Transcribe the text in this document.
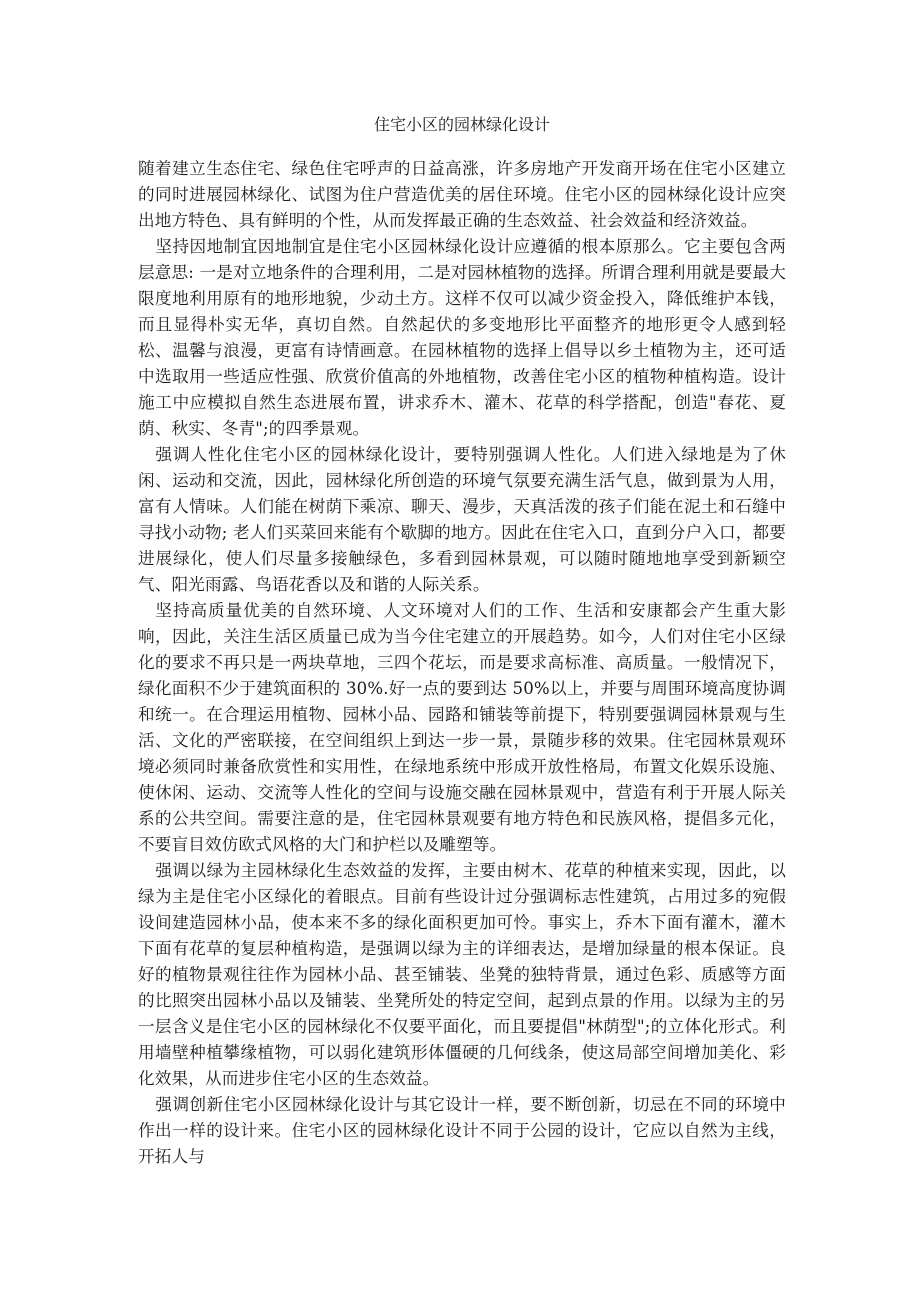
住宅小区的园林绿化设计

随着建立生态住宅、绿色住宅呼声的日益高涨，许多房地产开发商开场在住宅小区建立的同时进展园林绿化、试图为住户营造优美的居住环境。住宅小区的园林绿化设计应突出地方特色、具有鲜明的个性，从而发挥最正确的生态效益、社会效益和经济效益。

坚持因地制宜因地制宜是住宅小区园林绿化设计应遵循的根本原那么。它主要包含两层意思: 一是对立地条件的合理利用，二是对园林植物的选择。所谓合理利用就是要最大限度地利用原有的地形地貌，少动土方。这样不仅可以减少资金投入，降低维护本钱，而且显得朴实无华，真切自然。自然起伏的多变地形比平面整齐的地形更令人感到轻松、温馨与浪漫，更富有诗情画意。在园林植物的选择上倡导以乡土植物为主，还可适中选取用一些适应性强、欣赏价值高的外地植物，改善住宅小区的植物种植构造。设计施工中应模拟自然生态进展布置，讲求乔木、灌木、花草的科学搭配，创造"春花、夏荫、秋实、冬青";的四季景观。

强调人性化住宅小区的园林绿化设计，要特别强调人性化。人们进入绿地是为了休闲、运动和交流，因此，园林绿化所创造的环境气氛要充满生活气息，做到景为人用，富有人情味。人们能在树荫下乘凉、聊天、漫步，天真活泼的孩子们能在泥土和石缝中寻找小动物; 老人们买菜回来能有个歇脚的地方。因此在住宅入口，直到分户入口，都要进展绿化，使人们尽量多接触绿色，多看到园林景观，可以随时随地地享受到新颖空气、阳光雨露、鸟语花香以及和谐的人际关系。

坚持高质量优美的自然环境、人文环境对人们的工作、生活和安康都会产生重大影响，因此，关注生活区质量已成为当今住宅建立的开展趋势。如今，人们对住宅小区绿化的要求不再只是一两块草地，三四个花坛，而是要求高标准、高质量。一般情况下，绿化面积不少于建筑面积的 30%.好一点的要到达 50%以上，并要与周围环境高度协调和统一。在合理运用植物、园林小品、园路和铺装等前提下，特别要强调园林景观与生活、文化的严密联接，在空间组织上到达一步一景，景随步移的效果。住宅园林景观环境必须同时兼备欣赏性和实用性，在绿地系统中形成开放性格局，布置文化娱乐设施、使休闲、运动、交流等人性化的空间与设施交融在园林景观中，营造有利于开展人际关系的公共空间。需要注意的是，住宅园林景观要有地方特色和民族风格，提倡多元化，不要盲目效仿欧式风格的大门和护栏以及雕塑等。

强调以绿为主园林绿化生态效益的发挥，主要由树木、花草的种植来实现，因此，以绿为主是住宅小区绿化的着眼点。目前有些设计过分强调标志性建筑，占用过多的宛假设间建造园林小品，使本来不多的绿化面积更加可怜。事实上，乔木下面有灌木，灌木下面有花草的复层种植构造，是强调以绿为主的详细表达，是增加绿量的根本保证。良好的植物景观往往作为园林小品、甚至铺装、坐凳的独特背景，通过色彩、质感等方面的比照突出园林小品以及铺装、坐凳所处的特定空间，起到点景的作用。以绿为主的另一层含义是住宅小区的园林绿化不仅要平面化，而且要提倡"林荫型";的立体化形式。利用墙壁种植攀缘植物，可以弱化建筑形体僵硬的几何线条，使这局部空间增加美化、彩化效果，从而进步住宅小区的生态效益。

强调创新住宅小区园林绿化设计与其它设计一样，要不断创新，切忌在不同的环境中作出一样的设计来。住宅小区的园林绿化设计不同于公园的设计，它应以自然为主线，开拓人与
